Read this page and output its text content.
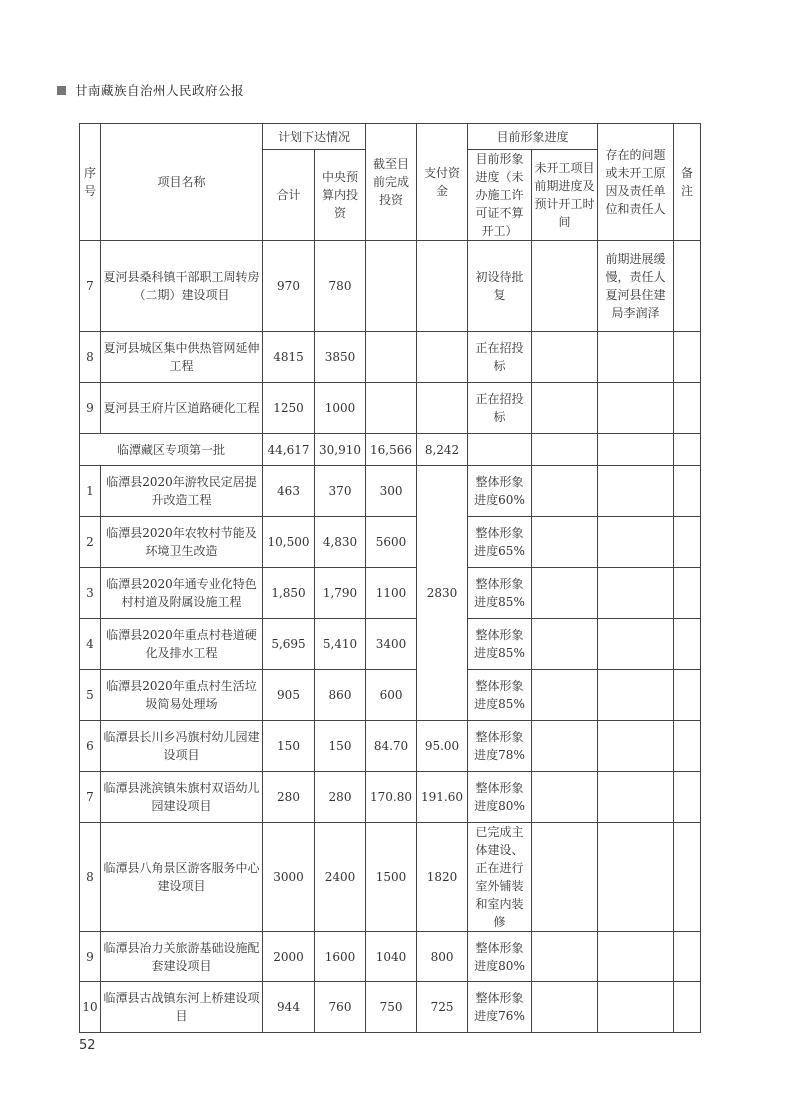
甘南藏族自治州人民政府公报
序号	项目名称	计划下达情况		截至目前完成投资	支付资金	目前形象进度		存在的问题或未开工原因及责任单位和责任人	备注
		合计	中央预算内投资			目前形象进度（未办施工许可证不算开工）	未开工项目前期进度及预计开工时间		
7	夏河县桑科镇干部职工周转房（二期）建设项目	970	780			初设待批复		前期进展缓慢，责任人夏河县住建局李润泽	
8	夏河县城区集中供热管网延伸工程	4815	3850			正在招投标			
9	夏河县王府片区道路硬化工程	1250	1000			正在招投标			
临潭藏区专项第一批		44,617	30,910	16,566	8,242				
1	临潭县2020年游牧民定居提升改造工程	463	370	300	2830	整体形象进度60%			
2	临潭县2020年农牧村节能及环境卫生改造	10,500	4,830	5600		整体形象进度65%			
3	临潭县2020年通专业化特色村村道及附属设施工程	1,850	1,790	1100		整体形象进度85%			
4	临潭县2020年重点村巷道硬化及排水工程	5,695	5,410	3400		整体形象进度85%			
5	临潭县2020年重点村生活垃圾简易处理场	905	860	600		整体形象进度85%			
6	临潭县长川乡冯旗村幼儿园建设项目	150	150	84.70	95.00	整体形象进度78%			
7	临潭县洮滨镇朱旗村双语幼儿园建设项目	280	280	170.80	191.60	整体形象进度80%			
8	临潭县八角景区游客服务中心建设项目	3000	2400	1500	1820	已完成主体建设、正在进行室外铺装和室内装修			
9	临潭县冶力关旅游基础设施配套建设项目	2000	1600	1040	800	整体形象进度80%			
10	临潭县古战镇东河上桥建设项目	944	760	750	725	整体形象进度76%			
52
